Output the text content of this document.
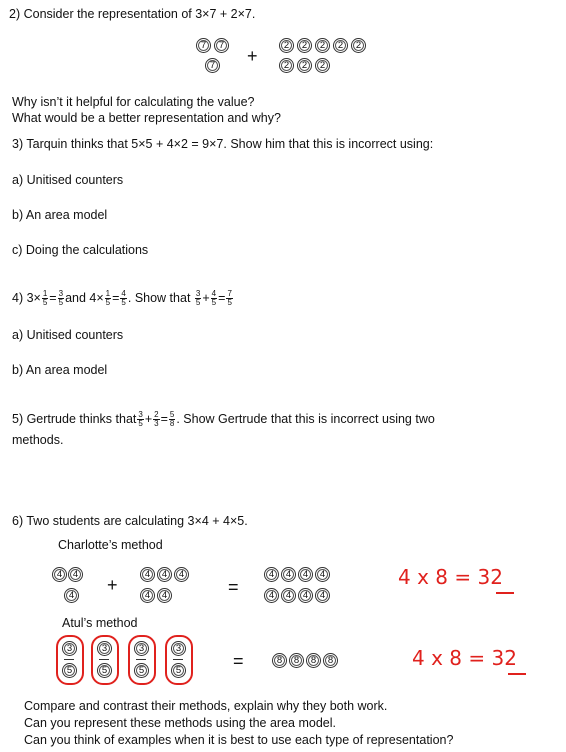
2) Consider the representation of 3×7 + 2×7.
7 7
7 +
2 2 2 2 2
2 2 2
Why isn’t it helpful for calculating the value?
What would be a better representation and why?
3) Tarquin thinks that 5×5 + 4×2 = 9×7. Show him that this is incorrect using:
a) Unitised counters
b) An area model
c) Doing the calculations
4) $3\times \frac{1}{5} = \frac{3}{5}$ and $4\times \frac{1}{5} = \frac{4}{5}$ . Show that $\frac{3}{5} + \frac{4}{5} = \frac{7}{5}$
a) Unitised counters
b) An area model
5) Gertrude thinks that $\frac{3}{5} + \frac{2}{3} = \frac{5}{8}$ . Show Gertrude that this is incorrect using two
methods.
6) Two students are calculating 3×4 + 4×5.
Charlotte’s method
4 4
4
+
4 4 4
4 4	=
4 4 4 4
4 4 4 4
4 x 8 = 32
Atul’s method
3
5
3
5
3
5
3
5	=	8 8 8 8	4 x 8 = 32
Compare and contrast their methods, explain why they both work.
Can you represent these methods using the area model.
Can you think of examples when it is best to use each type of representation?
